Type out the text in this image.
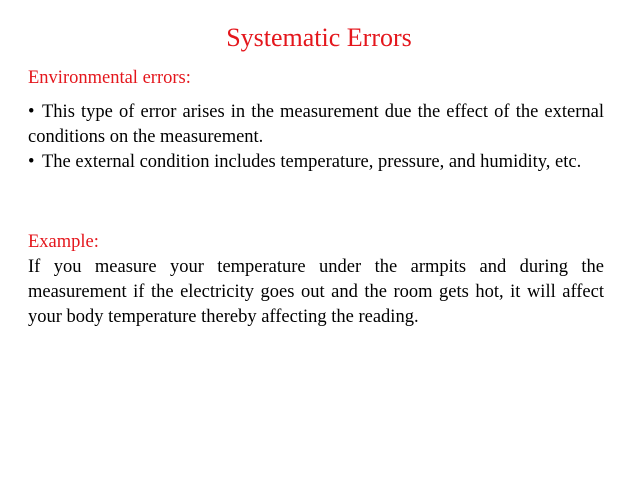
Systematic Errors
Environmental errors:
• This type of error arises in the measurement due the effect of the external conditions on the measurement.
• The external condition includes temperature, pressure, and humidity, etc.
Example:

If you measure your temperature under the armpits and during the measurement if the electricity goes out and the room gets hot, it will affect your body temperature thereby affecting the reading.
